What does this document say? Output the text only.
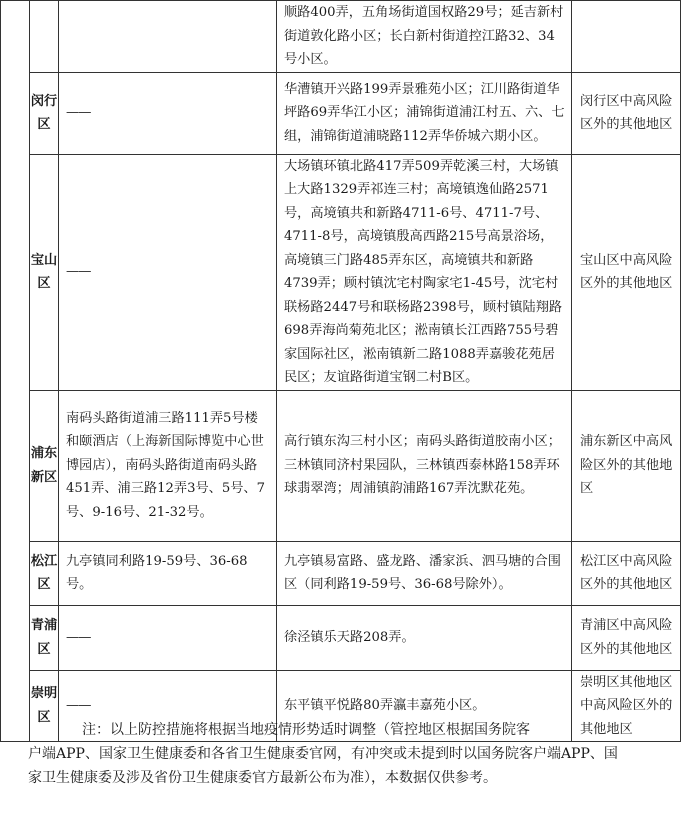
			顺路400弄，五角场街道国权路29号；延吉新村街道敦化路小区；长白新村街道控江路32、34号小区。	
	闵行区	——	华漕镇开兴路199弄景雅苑小区；江川路街道华坪路69弄华江小区；浦锦街道浦江村五、六、七组，浦锦街道浦晓路112弄华侨城六期小区。	闵行区中高风险区外的其他地区
	宝山区	——	大场镇环镇北路417弄509弄乾溪三村，大场镇上大路1329弄祁连三村；高境镇逸仙路2571号，高境镇共和新路4711-6号、4711-7号、4711-8号，高境镇殷高西路215号高景浴场，高境镇三门路485弄东区，高境镇共和新路4739弄；顾村镇沈宅村陶家宅1-45号，沈宅村联杨路2447号和联杨路2398号，顾村镇陆翔路698弄海尚菊苑北区；淞南镇长江西路755号碧家国际社区，淞南镇新二路1088弄嘉骏花苑居民区；友谊路街道宝钢二村B区。	宝山区中高风险区外的其他地区
	浦东新区	南码头路街道浦三路111弄5号楼和颐酒店（上海新国际博览中心世博园店），南码头路街道南码头路451弄、浦三路12弄3号、5号、7号、9-16号、21-32号。	高行镇东沟三村小区；南码头路街道胶南小区；三林镇同济村果园队，三林镇西泰林路158弄环球翡翠湾；周浦镇韵浦路167弄沈默花苑。	浦东新区中高风险区外的其他地区
	松江区	九亭镇同利路19-59号、36-68号。	九亭镇易富路、盛龙路、潘家浜、泗马塘的合围区（同利路19-59号、36-68号除外）。	松江区中高风险区外的其他地区
	青浦区	——	徐泾镇乐天路208弄。	青浦区中高风险区外的其他地区
	崇明区	——	东平镇平悦路80弄瀛丰嘉苑小区。	崇明区其他地区中高风险区外的其他地区

注：以上防控措施将根据当地疫情形势适时调整（管控地区根据国务院客

户端APP、国家卫生健康委和各省卫生健康委官网，有冲突或未提到时以国务院客户端APP、国家卫生健康委及涉及省份卫生健康委官方最新公布为准），本数据仅供参考。
